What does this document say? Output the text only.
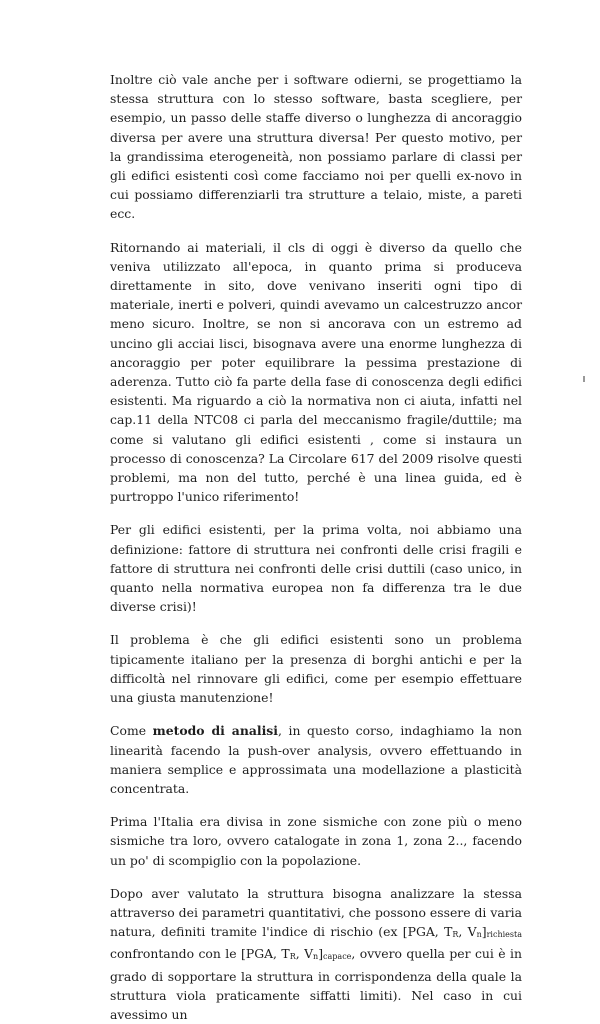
Inoltre ciò vale anche per i software odierni, se progettiamo la stessa struttura con lo stesso software, basta scegliere, per esempio, un passo delle staffe diverso o lunghezza di ancoraggio diversa per avere una struttura diversa! Per questo motivo, per la grandissima eterogeneità, non possiamo parlare di classi per gli edifici esistenti così come facciamo noi per quelli ex-novo in cui possiamo differenziarli tra strutture a telaio, miste, a pareti ecc.

Ritornando ai materiali, il cls di oggi è diverso da quello che veniva utilizzato all'epoca, in quanto prima si produceva direttamente in sito, dove venivano inseriti ogni tipo di materiale, inerti e polveri, quindi avevamo un calcestruzzo ancor meno sicuro. Inoltre, se non si ancorava con un estremo ad uncino gli acciai lisci, bisognava avere una enorme lunghezza di ancoraggio per poter equilibrare la pessima prestazione di aderenza. Tutto ciò fa parte della fase di conoscenza degli edifici esistenti. Ma riguardo a ciò la normativa non ci aiuta, infatti nel cap.11 della NTC08 ci parla del meccanismo fragile/duttile; ma come si valutano gli edifici esistenti , come si instaura un processo di conoscenza? La Circolare 617 del 2009 risolve questi problemi, ma non del tutto, perché è una linea guida, ed è purtroppo l'unico riferimento!

Per gli edifici esistenti, per la prima volta, noi abbiamo una definizione: fattore di struttura nei confronti delle crisi fragili e fattore di struttura nei confronti delle crisi duttili (caso unico, in quanto nella normativa europea non fa differenza tra le due diverse crisi)!

Il problema è che gli edifici esistenti sono un problema tipicamente italiano per la presenza di borghi antichi e per la difficoltà nel rinnovare gli edifici, come per esempio effettuare una giusta manutenzione!

Come metodo di analisi, in questo corso, indaghiamo la non linearità facendo la push-over analysis, ovvero effettuando in maniera semplice e approssimata una modellazione a plasticità concentrata.

Prima l'Italia era divisa in zone sismiche con zone più o meno sismiche tra loro, ovvero catalogate in zona 1, zona 2.., facendo un po' di scompiglio con la popolazione.

Dopo aver valutato la struttura bisogna analizzare la stessa attraverso dei parametri quantitativi, che possono essere di varia natura, definiti tramite l'indice di rischio (ex [PGA, TR, Vn]richiesta confrontando con le [PGA, TR, Vn]capace, ovvero quella per cui è in grado di sopportare la struttura in corrispondenza della quale la struttura viola praticamente siffatti limiti). Nel caso in cui avessimo un
